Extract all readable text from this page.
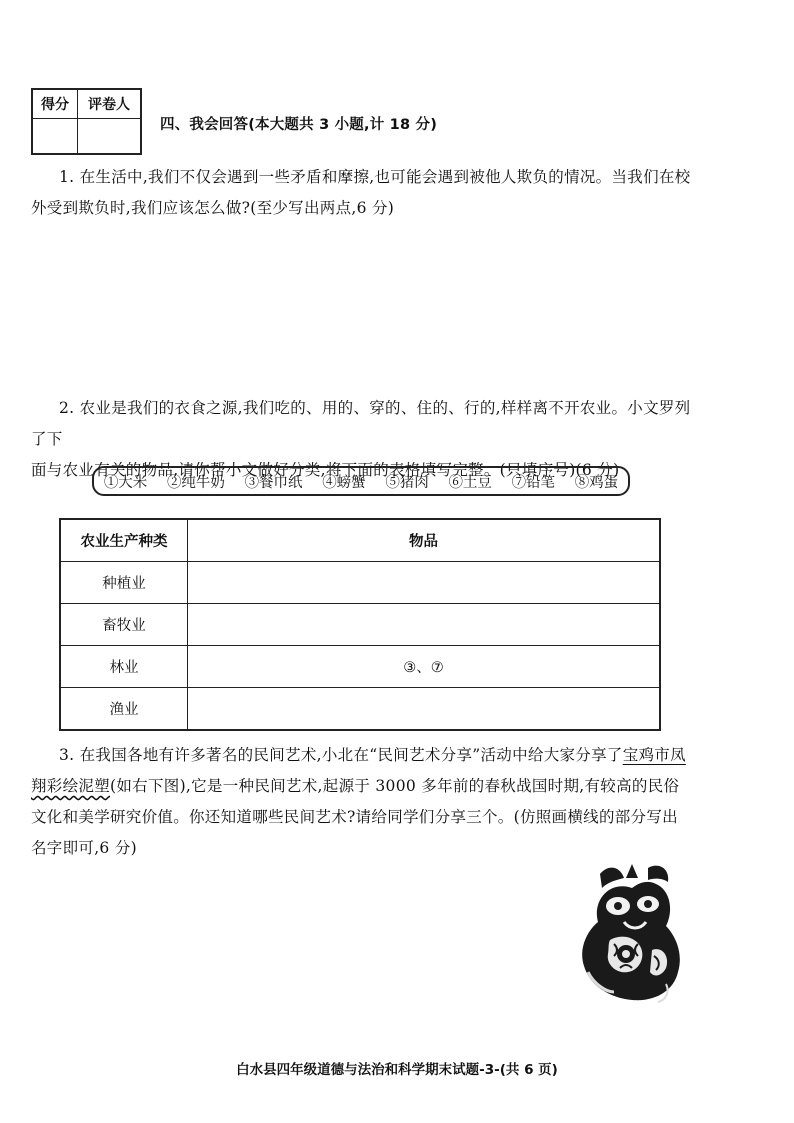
得分	评卷人

四、我会回答(本大题共 3 小题,计 18 分)
1. 在生活中,我们不仅会遇到一些矛盾和摩擦,也可能会遇到被他人欺负的情况。当我们在校
外受到欺负时,我们应该怎么做?(至少写出两点,6 分)
2. 农业是我们的衣食之源,我们吃的、用的、穿的、住的、行的,样样离不开农业。小文罗列了下
面与农业有关的物品,请你帮小文做好分类,将下面的表格填写完整。(只填序号)(6 分)
①大米 ②纯牛奶 ③餐巾纸 ④螃蟹 ⑤猪肉 ⑥土豆 ⑦铅笔 ⑧鸡蛋
农业生产种类	物品
种植业	
畜牧业	
林业	③、⑦
渔业	
3. 在我国各地有许多著名的民间艺术,小北在“民间艺术分享”活动中给大家分享了宝鸡市凤
翔彩绘泥塑(如右下图),它是一种民间艺术,起源于 3000 多年前的春秋战国时期,有较高的民俗
文化和美学研究价值。你还知道哪些民间艺术?请给同学们分享三个。(仿照画横线的部分写出
名字即可,6 分)
白水县四年级道德与法治和科学期末试题-3-(共 6 页)
